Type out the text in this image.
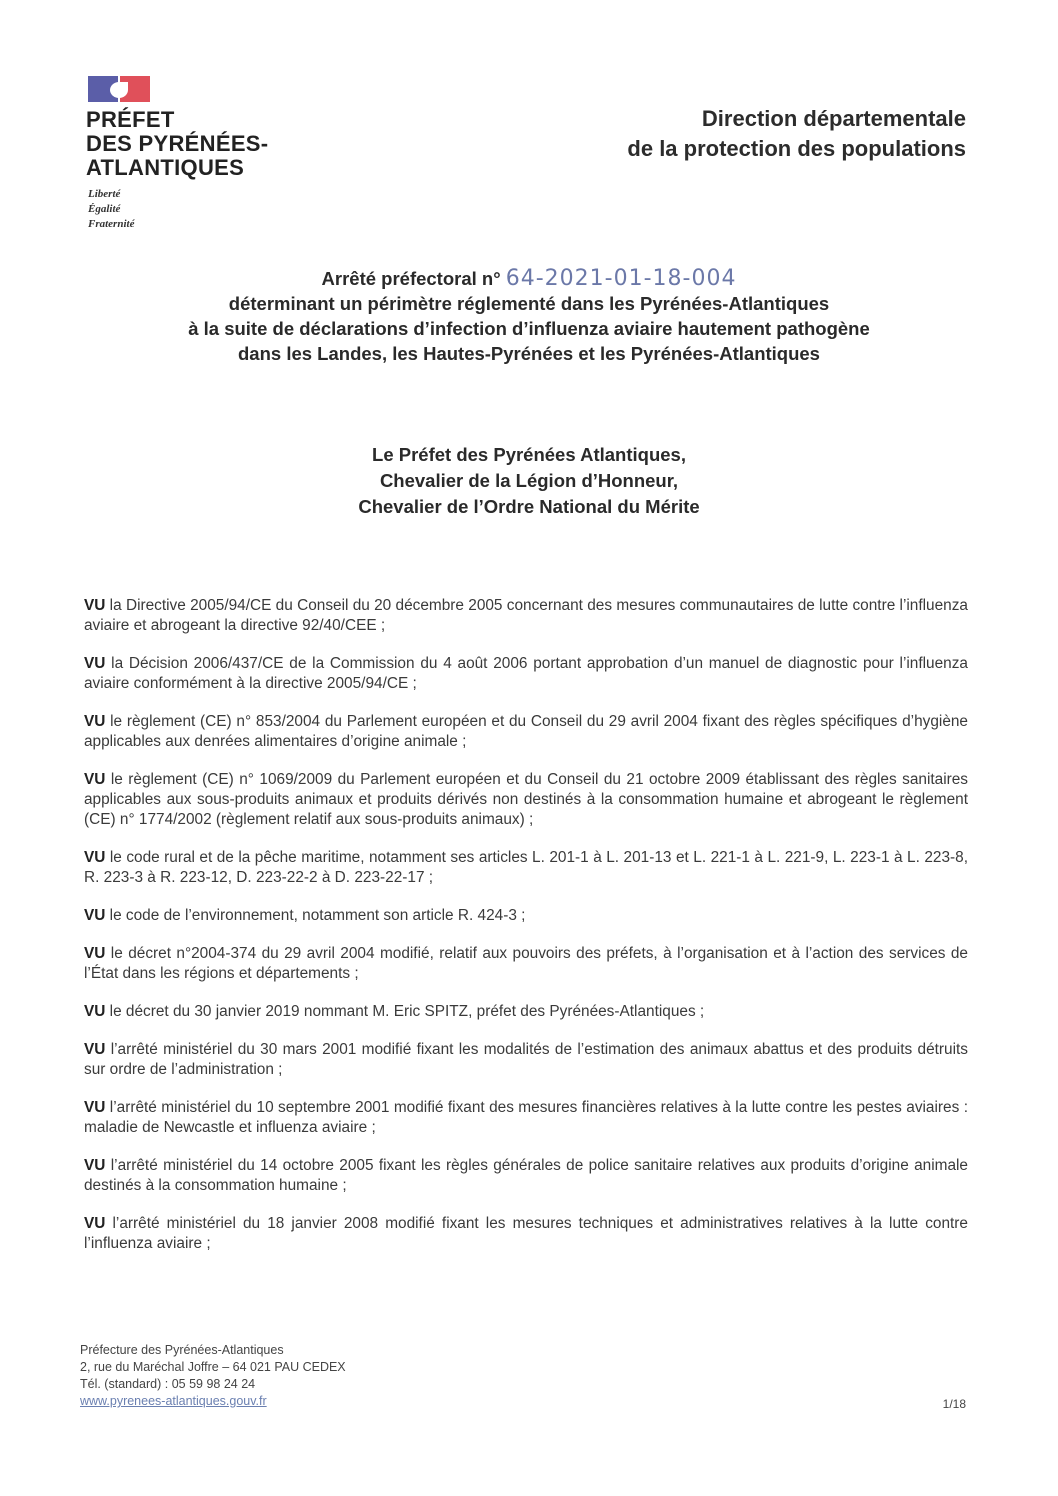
PRÉFET
DES PYRÉNÉES-
ATLANTIQUES
Liberté
Égalité
Fraternité
Direction départementale
de la protection des populations
Arrêté préfectoral n° 64-2021-01-18-004
déterminant un périmètre réglementé dans les Pyrénées-Atlantiques
à la suite de déclarations d’infection d’influenza aviaire hautement pathogène
dans les Landes, les Hautes-Pyrénées et les Pyrénées-Atlantiques
Le Préfet des Pyrénées Atlantiques,
Chevalier de la Légion d’Honneur,
Chevalier de l’Ordre National du Mérite
VU la Directive 2005/94/CE du Conseil du 20 décembre 2005 concernant des mesures communautaires de lutte contre l’influenza aviaire et abrogeant la directive 92/40/CEE ;
VU la Décision 2006/437/CE de la Commission du 4 août 2006 portant approbation d’un manuel de diagnostic pour l’influenza aviaire conformément à la directive 2005/94/CE ;
VU le règlement (CE) n° 853/2004 du Parlement européen et du Conseil du 29 avril 2004 fixant des règles spécifiques d’hygiène applicables aux denrées alimentaires d’origine animale ;
VU le règlement (CE) n° 1069/2009 du Parlement européen et du Conseil du 21 octobre 2009 établissant des règles sanitaires applicables aux sous-produits animaux et produits dérivés non destinés à la consommation humaine et abrogeant le règlement (CE) n° 1774/2002 (règlement relatif aux sous-produits animaux) ;
VU le code rural et de la pêche maritime, notamment ses articles L. 201-1 à L. 201-13 et L. 221-1 à L. 221-9, L. 223-1 à L. 223-8, R. 223-3 à R. 223-12, D. 223-22-2 à D. 223-22-17 ;
VU le code de l’environnement, notamment son article R. 424-3 ;
VU le décret n°2004-374 du 29 avril 2004 modifié, relatif aux pouvoirs des préfets, à l’organisation et à l’action des services de l’État dans les régions et départements ;
VU le décret du 30 janvier 2019 nommant M. Eric SPITZ, préfet des Pyrénées-Atlantiques ;
VU l’arrêté ministériel du 30 mars 2001 modifié fixant les modalités de l’estimation des animaux abattus et des produits détruits sur ordre de l’administration ;
VU l’arrêté ministériel du 10 septembre 2001 modifié fixant des mesures financières relatives à la lutte contre les pestes aviaires : maladie de Newcastle et influenza aviaire ;
VU l’arrêté ministériel du 14 octobre 2005 fixant les règles générales de police sanitaire relatives aux produits d’origine animale destinés à la consommation humaine ;
VU l’arrêté ministériel du 18 janvier 2008 modifié fixant les mesures techniques et administratives relatives à la lutte contre l’influenza aviaire ;
Préfecture des Pyrénées-Atlantiques
2, rue du Maréchal Joffre – 64 021 PAU CEDEX
Tél. (standard) : 05 59 98 24 24
www.pyrenees-atlantiques.gouv.fr	1/18
